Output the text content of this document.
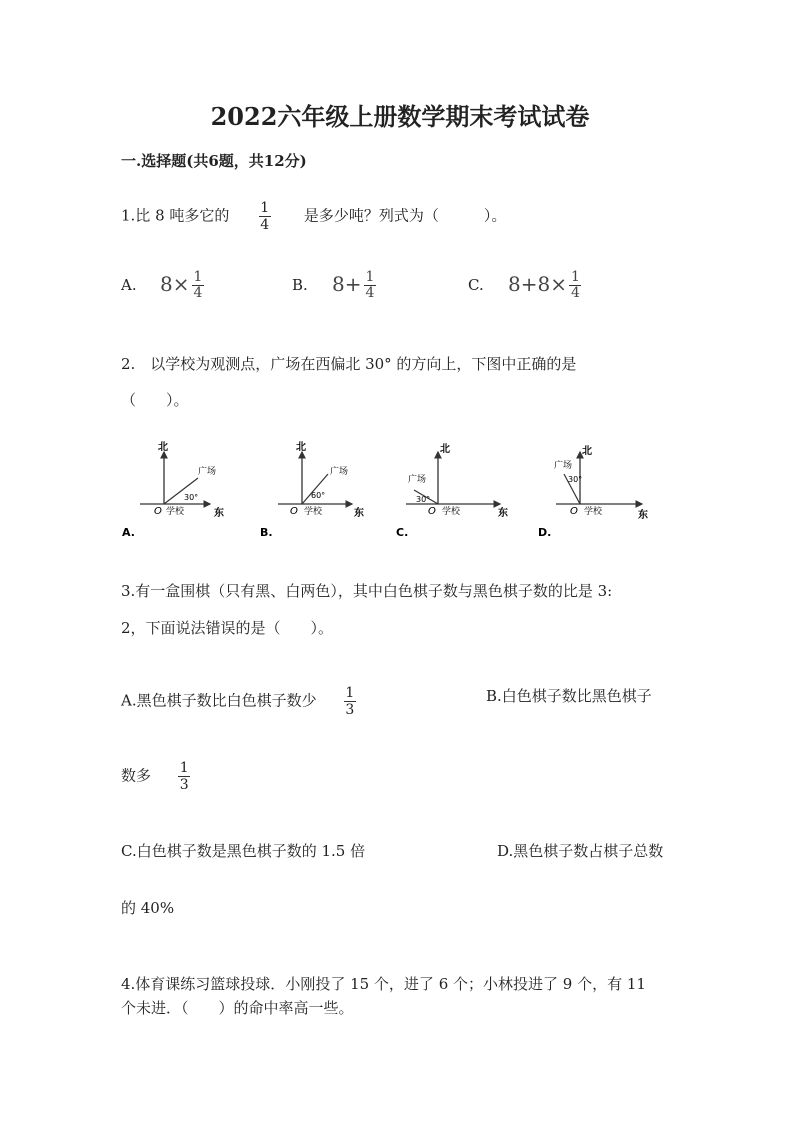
2022六年级上册数学期末考试试卷
一.选择题(共6题，共12分)
1.比 8 吨多它的 $\frac{1}{4}$ 是多少吨？列式为（　　　）。
A. $8\times \frac{1}{4}$	B. $8+ \frac{1}{4}$	C. $8+8\times \frac{1}{4}$
2.　以学校为观测点，广场在西偏北 30° 的方向上，下图中正确的是
（　　）。
北
东
O 学校
广场
30°
A.
北
东
O 学校
广场
60°
B.
北
东
O 学校
广场
30°
C.
北
东
O 学校
广场
30°
D.
3.有一盒围棋（只有黑、白两色），其中白色棋子数与黑色棋子数的比是 3:
2，下面说法错误的是（　　）。
A.黑色棋子数比白色棋子数少 $\frac{1}{3}$	B.白色棋子数比黑色棋子
数多 $\frac{1}{3}$
C.白色棋子数是黑色棋子数的 1.5 倍	D.黑色棋子数占棋子总数
的 40%
4.体育课练习篮球投球．小刚投了 15 个，进了 6 个；小林投进了 9 个，有 11
个未进．（　　）的命中率高一些。
